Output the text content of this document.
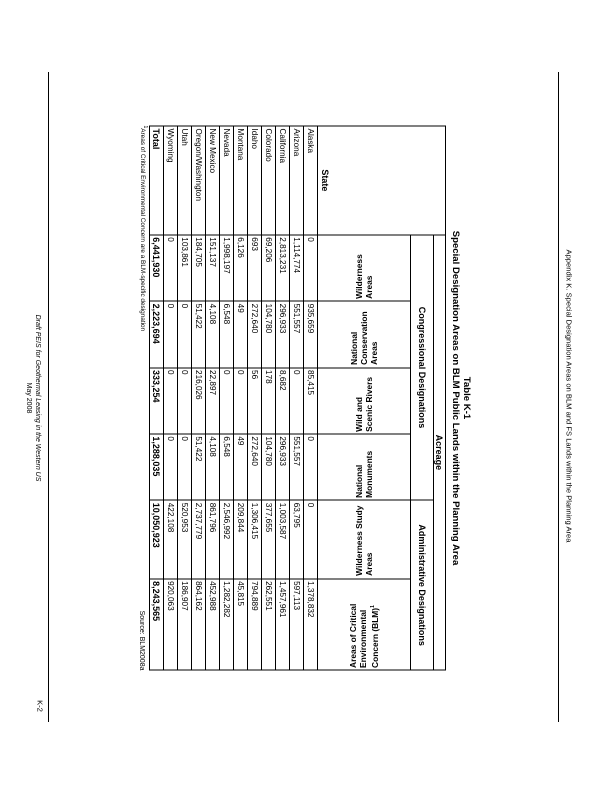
Appendix K. Special Designation Areas on BLM and FS Lands within the Planning Area
K-2
Draft PEIS for Geothermal Leasing in the Western US
May 2008	Table K-1
Special Designation Areas on BLM Public Lands within the Planning Area
State	Acreage					
	Congressional Designations				Administrative Designations	

	Wilderness Areas	National Conservation Areas	Wild and Scenic Rivers	National Monuments	Wilderness Study Areas	Areas of Critical Environmental Concern (BLM)$^1$

Alaska	0	935,659	85,415	0	0	1,378,832
Arizona	1,114,774	551,557	0	551,557	63,795	597,113
California	2,813,231	296,933	8,682	296,933	1,003,587	1,457,961
Colorado	69,206	104,780	178	104,780	377,655	262,551
Idaho	693	272,640	56	272,640	1,306,415	794,889
Montana	6,126	49	0	49	209,844	45,815
Nevada	1,998,197	6,548	0	6,548	2,546,992	1,282,282
New Mexico	151,137	4,108	22,897	4,108	861,796	452,988
Oregon/Washington	184,705	51,422	216,026	51,422	2,737,779	864,162
Utah	103,861	0	0	0	520,953	186,907
Wyoming	0	0	0	0	422,108	920,063
Total	6,441,930	2,223,694	333,254	1,288,035	10,050,923	8,243,565
$^1$Areas of Critical Environmental Concern are a BLM-specific designation
Source: BLM2008a
